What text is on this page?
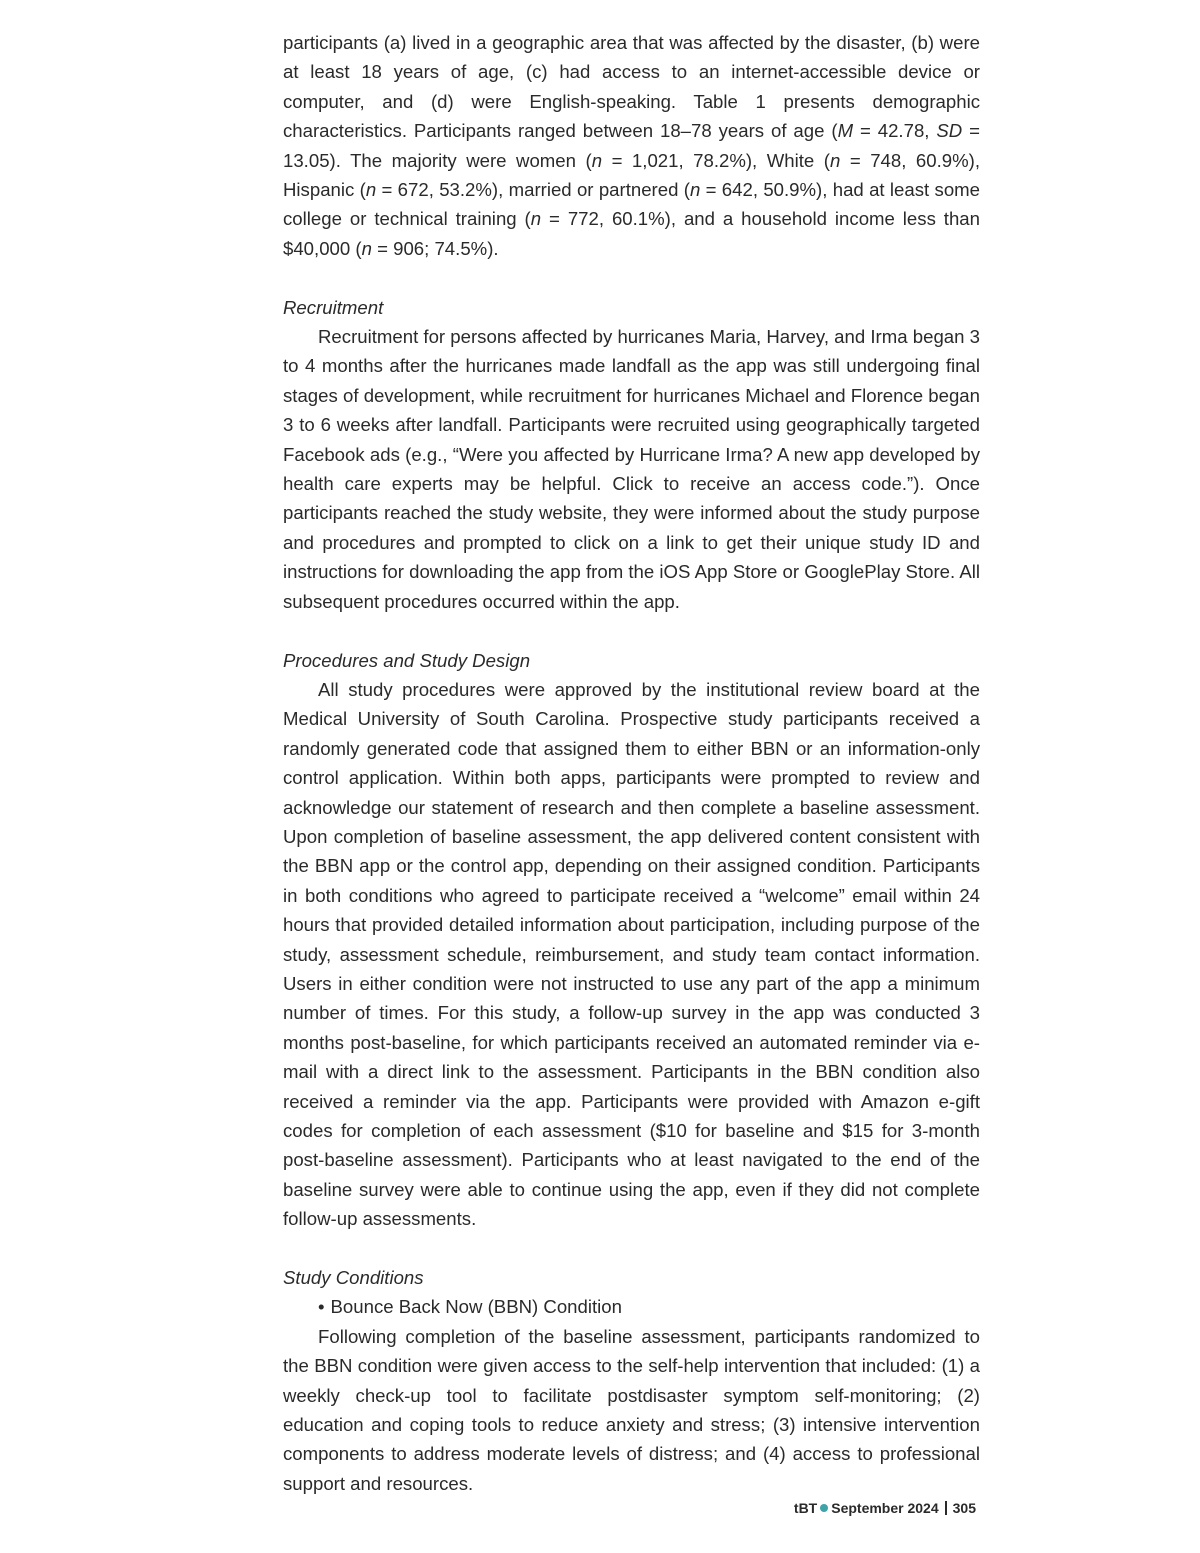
participants (a) lived in a geographic area that was affected by the disaster, (b) were at least 18 years of age, (c) had access to an internet-accessible device or computer, and (d) were English-speaking. Table 1 presents demographic characteristics. Participants ranged between 18–78 years of age (M = 42.78, SD = 13.05). The majority were women (n = 1,021, 78.2%), White (n = 748, 60.9%), Hispanic (n = 672, 53.2%), married or partnered (n = 642, 50.9%), had at least some college or technical training (n = 772, 60.1%), and a household income less than $40,000 (n = 906; 74.5%).

Recruitment

Recruitment for persons affected by hurricanes Maria, Harvey, and Irma began 3 to 4 months after the hurricanes made landfall as the app was still undergoing final stages of development, while recruitment for hurricanes Michael and Florence began 3 to 6 weeks after landfall. Participants were recruited using geographically targeted Facebook ads (e.g., “Were you affected by Hurricane Irma? A new app developed by health care experts may be helpful. Click to receive an access code.”). Once participants reached the study website, they were informed about the study purpose and procedures and prompted to click on a link to get their unique study ID and instructions for downloading the app from the iOS App Store or GooglePlay Store. All subsequent procedures occurred within the app.

Procedures and Study Design

All study procedures were approved by the institutional review board at the Medical University of South Carolina. Prospective study participants received a randomly generated code that assigned them to either BBN or an information-only control application. Within both apps, participants were prompted to review and acknowledge our statement of research and then complete a baseline assessment. Upon completion of baseline assessment, the app delivered content consistent with the BBN app or the control app, depending on their assigned condition. Participants in both conditions who agreed to participate received a “welcome” email within 24 hours that provided detailed information about participation, including purpose of the study, assessment schedule, reimbursement, and study team contact information. Users in either condition were not instructed to use any part of the app a minimum number of times. For this study, a follow-up survey in the app was conducted 3 months post-baseline, for which participants received an automated reminder via e-mail with a direct link to the assessment. Participants in the BBN condition also received a reminder via the app. Participants were provided with Amazon e-gift codes for completion of each assessment ($10 for baseline and $15 for 3-month post-baseline assessment). Participants who at least navigated to the end of the baseline survey were able to continue using the app, even if they did not complete follow-up assessments.

Study Conditions

• Bounce Back Now (BBN) Condition

Following completion of the baseline assessment, participants randomized to the BBN condition were given access to the self-help intervention that included: (1) a weekly check-up tool to facilitate postdisaster symptom self-monitoring; (2) education and coping tools to reduce anxiety and stress; (3) intensive intervention components to address moderate levels of distress; and (4) access to professional support and resources.

tBT September 2024 305
